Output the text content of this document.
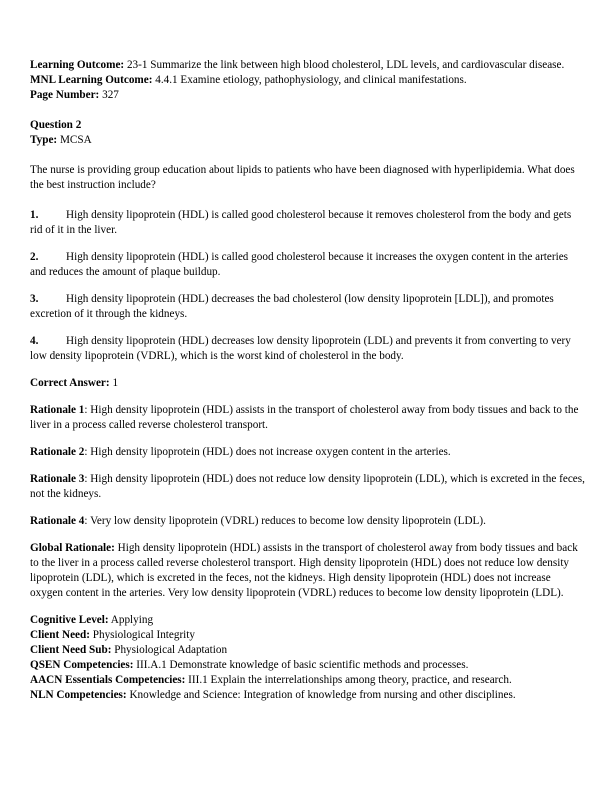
Learning Outcome: 23-1 Summarize the link between high blood cholesterol, LDL levels, and cardiovascular disease.

MNL Learning Outcome: 4.4.1 Examine etiology, pathophysiology, and clinical manifestations.

Page Number: 327

Question 2

Type: MCSA

The nurse is providing group education about lipids to patients who have been diagnosed with hyperlipidemia. What does the best instruction include?

1. High density lipoprotein (HDL) is called good cholesterol because it removes cholesterol from the body and gets rid of it in the liver.

2. High density lipoprotein (HDL) is called good cholesterol because it increases the oxygen content in the arteries and reduces the amount of plaque buildup.

3. High density lipoprotein (HDL) decreases the bad cholesterol (low density lipoprotein [LDL]), and promotes excretion of it through the kidneys.

4. High density lipoprotein (HDL) decreases low density lipoprotein (LDL) and prevents it from converting to very low density lipoprotein (VDRL), which is the worst kind of cholesterol in the body.

Correct Answer: 1

Rationale 1: High density lipoprotein (HDL) assists in the transport of cholesterol away from body tissues and back to the liver in a process called reverse cholesterol transport.

Rationale 2: High density lipoprotein (HDL) does not increase oxygen content in the arteries.

Rationale 3: High density lipoprotein (HDL) does not reduce low density lipoprotein (LDL), which is excreted in the feces, not the kidneys.

Rationale 4: Very low density lipoprotein (VDRL) reduces to become low density lipoprotein (LDL).

Global Rationale: High density lipoprotein (HDL) assists in the transport of cholesterol away from body tissues and back to the liver in a process called reverse cholesterol transport. High density lipoprotein (HDL) does not reduce low density lipoprotein (LDL), which is excreted in the feces, not the kidneys. High density lipoprotein (HDL) does not increase oxygen content in the arteries. Very low density lipoprotein (VDRL) reduces to become low density lipoprotein (LDL).

Cognitive Level: Applying

Client Need: Physiological Integrity

Client Need Sub: Physiological Adaptation

QSEN Competencies: III.A.1 Demonstrate knowledge of basic scientific methods and processes.

AACN Essentials Competencies: III.1 Explain the interrelationships among theory, practice, and research.

NLN Competencies: Knowledge and Science: Integration of knowledge from nursing and other disciplines.
